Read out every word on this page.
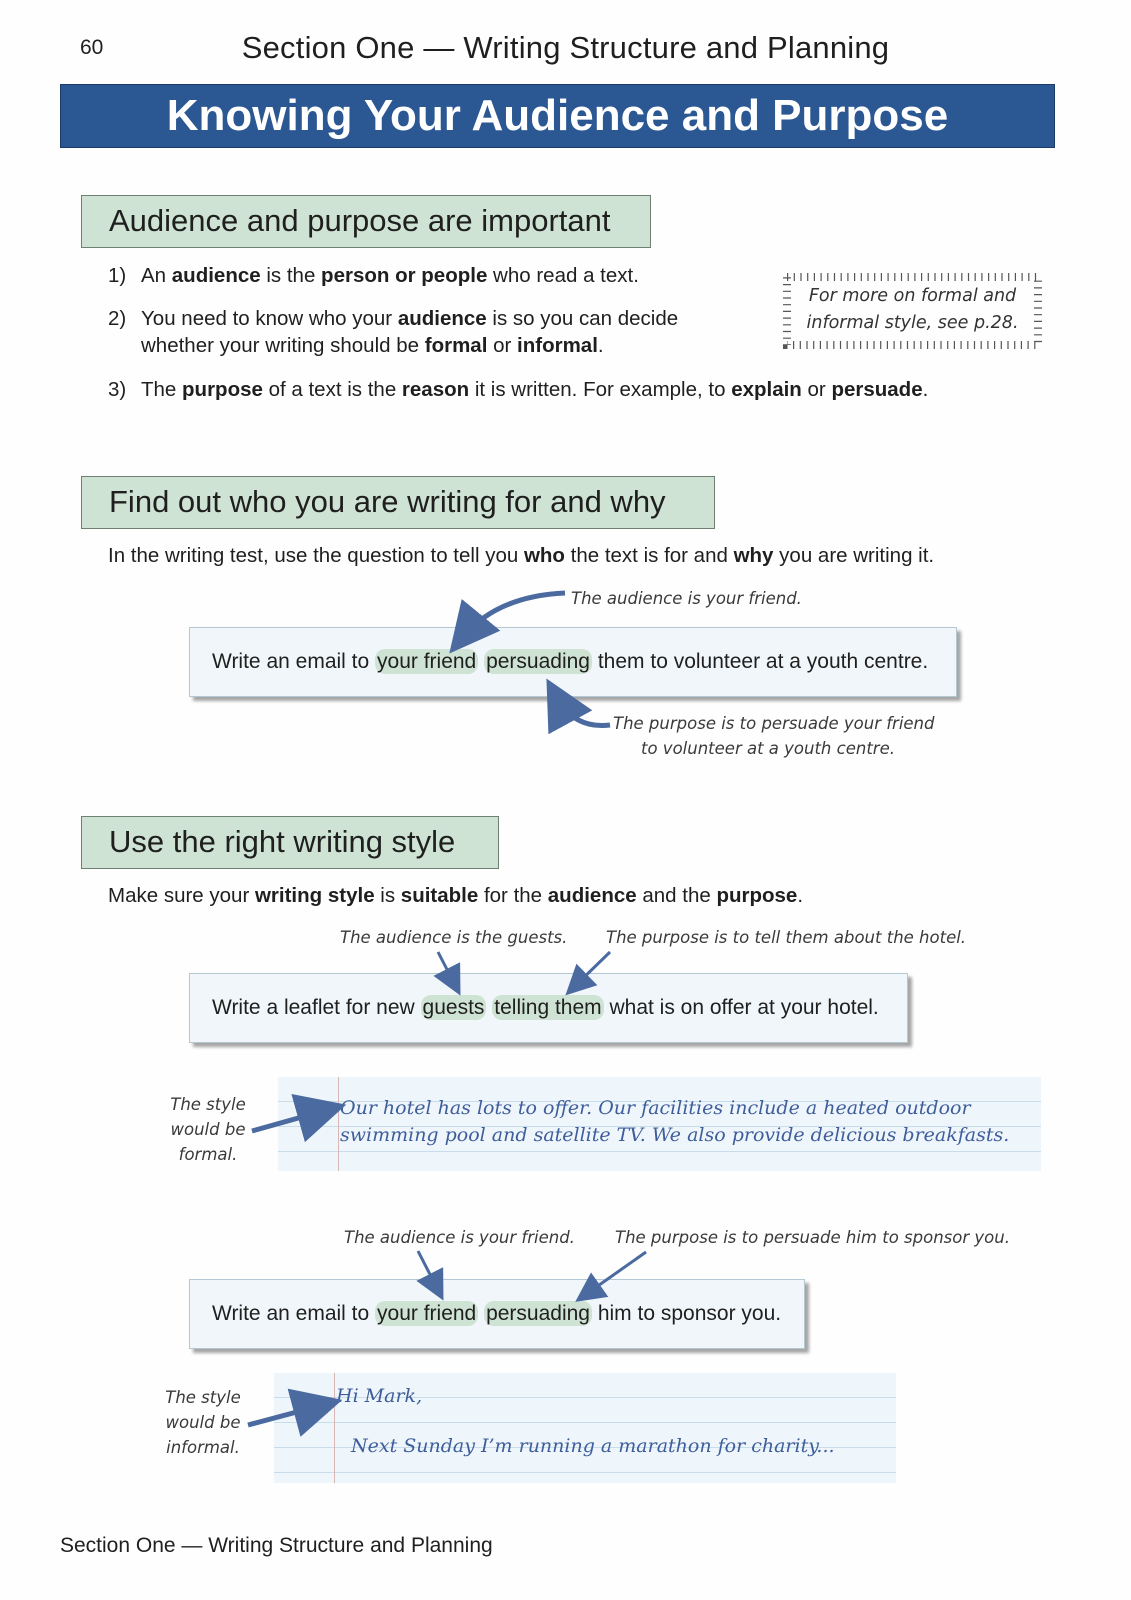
60	Section One — Writing Structure and Planning
Knowing Your Audience and Purpose
Audience and purpose are important
1) An audience is the person or people who read a text.
2) You need to know who your audience is so you can decide
whether your writing should be formal or informal.
3) The purpose of a text is the reason it is written. For example, to explain or persuade.
For more on formal and
informal style, see p.28.
Find out who you are writing for and why
In the writing test, use the question to tell you who the text is for and why you are writing it.
The audience is your friend.
Write an email to your friend persuading them to volunteer at a youth centre.
The purpose is to persuade your friend
to volunteer at a youth centre.
Use the right writing style
Make sure your writing style is suitable for the audience and the purpose.
The audience is the guests. The purpose is to tell them about the hotel.
Write a leaflet for new guests telling them what is on offer at your hotel.
The style
would be
formal.
Our hotel has lots to offer. Our facilities include a heated outdoor
swimming pool and satellite TV. We also provide delicious breakfasts.
The audience is your friend. The purpose is to persuade him to sponsor you.
Write an email to your friend persuading him to sponsor you.
The style
would be
informal.
Hi Mark,
Next Sunday I’m running a marathon for charity...
Section One — Writing Structure and Planning
